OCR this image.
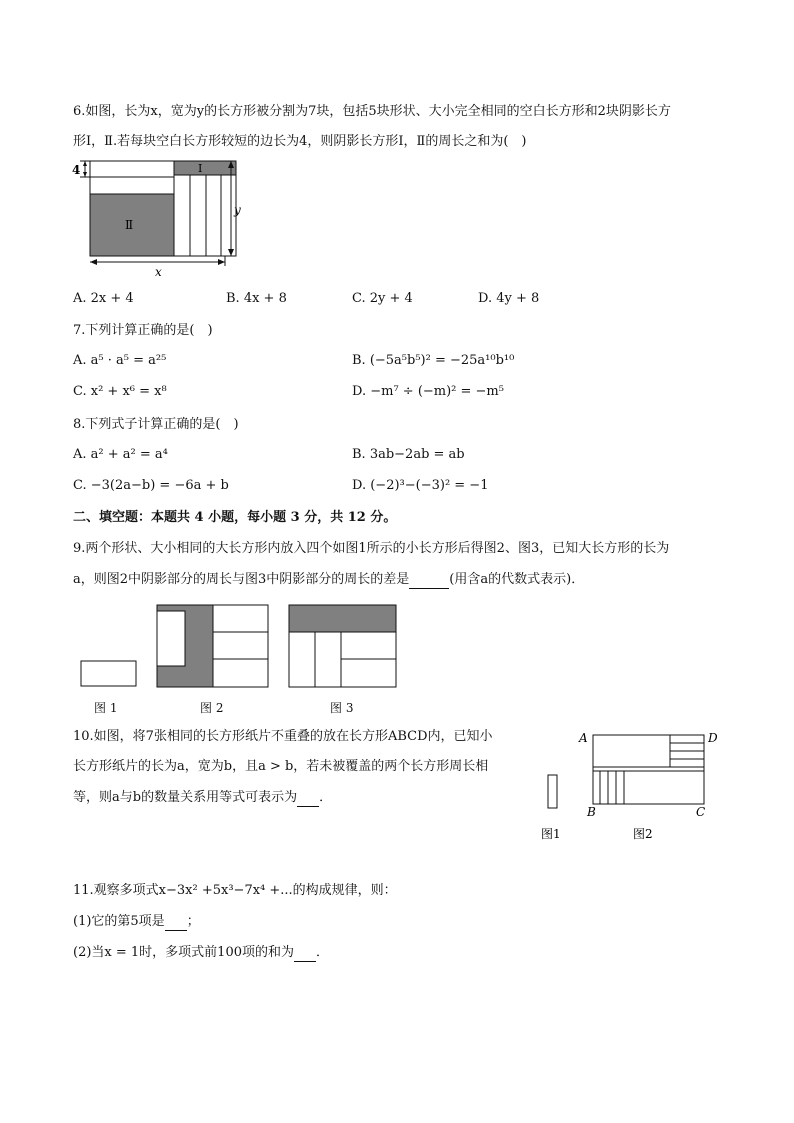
6.如图，长为x，宽为y的长方形被分割为7块，包括5块形状、大小完全相同的空白长方形和2块阴影长方
形Ⅰ，Ⅱ.若每块空白长方形较短的边长为4，则阴影长方形Ⅰ，Ⅱ的周长之和为(　)
4	Ⅰ
Ⅱ
y
x
A. 2x + 4	B. 4x + 8	C. 2y + 4	D. 4y + 8
7.下列计算正确的是(　)
A. a⁵ · a⁵ = a²⁵	B. (−5a⁵b⁵)² = −25a¹⁰b¹⁰
C. x² + x⁶ = x⁸	D. −m⁷ ÷ (−m)² = −m⁵
8.下列式子计算正确的是(　)
A. a² + a² = a⁴	B. 3ab−2ab = ab
C. −3(2a−b) = −6a + b	D. (−2)³−(−3)² = −1
二、填空题：本题共 4 小题，每小题 3 分，共 12 分。
9.两个形状、大小相同的大长方形内放入四个如图1所示的小长方形后得图2、图3，已知大长方形的长为
a，则图2中阴影部分的周长与图3中阴影部分的周长的差是	(用含a的代数式表示)．
图 1	图 2	图 3
10.如图，将7张相同的长方形纸片不重叠的放在长方形ABCD内，已知小
长方形纸片的长为a，宽为b，且a > b，若未被覆盖的两个长方形周长相
等，则a与b的数量关系用等式可表示为 ．
A	D
B	C
图1	图2
11.观察多项式x−3x² +5x³−7x⁴ +...的构成规律，则：
(1)它的第5项是 ；
(2)当x = 1时，多项式前100项的和为 ．
